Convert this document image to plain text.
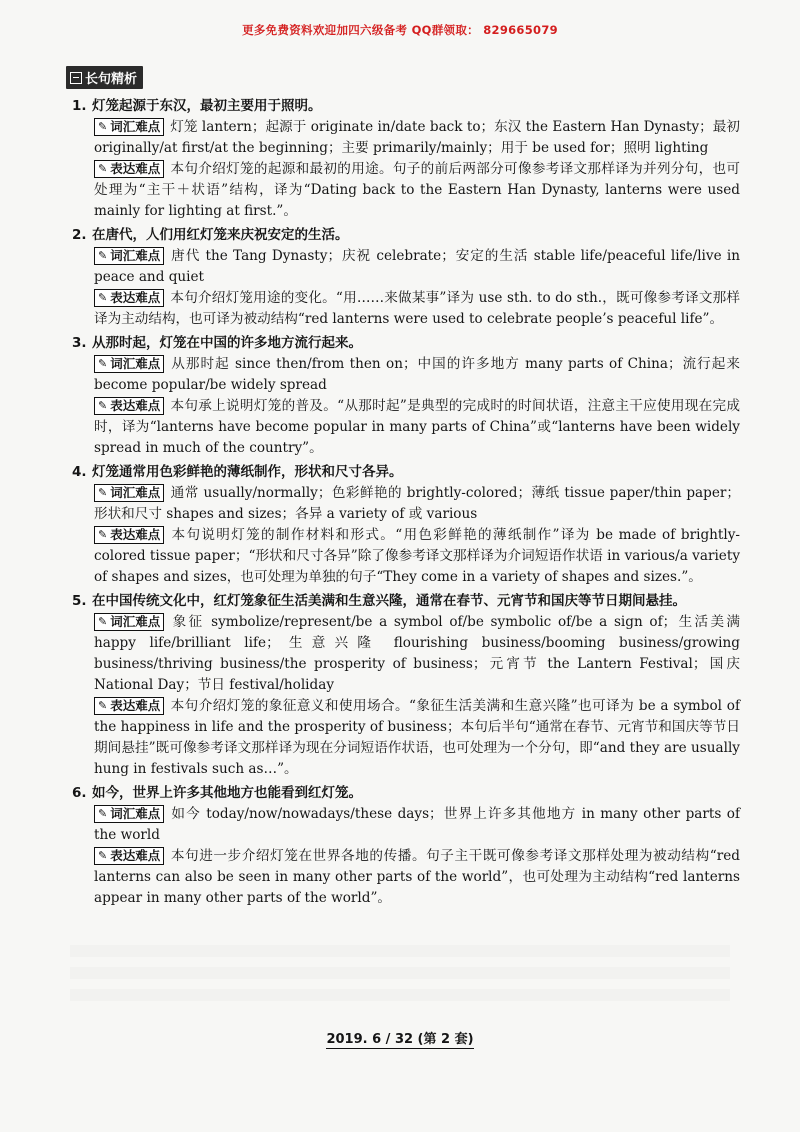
更多免费资料欢迎加四六级备考 QQ群领取： 829665079
长句精析
1. 灯笼起源于东汉，最初主要用于照明。
✎ 词汇难点 灯笼 lantern；起源于 originate in/date back to；东汉 the Eastern Han Dynasty；最初 originally/at first/at the beginning；主要 primarily/mainly；用于 be used for；照明 lighting
✎ 表达难点 本句介绍灯笼的起源和最初的用途。句子的前后两部分可像参考译文那样译为并列分句，也可处理为“主干＋状语”结构，译为“Dating back to the Eastern Han Dynasty, lanterns were used mainly for lighting at first.”。
2. 在唐代，人们用红灯笼来庆祝安定的生活。
✎ 词汇难点 唐代 the Tang Dynasty；庆祝 celebrate；安定的生活 stable life/peaceful life/live in peace and quiet
✎ 表达难点 本句介绍灯笼用途的变化。“用……来做某事”译为 use sth. to do sth.，既可像参考译文那样译为主动结构，也可译为被动结构“red lanterns were used to celebrate people’s peaceful life”。
3. 从那时起，灯笼在中国的许多地方流行起来。
✎ 词汇难点 从那时起 since then/from then on；中国的许多地方 many parts of China；流行起来 become popular/be widely spread
✎ 表达难点 本句承上说明灯笼的普及。“从那时起”是典型的完成时的时间状语，注意主干应使用现在完成时，译为“lanterns have become popular in many parts of China”或“lanterns have been widely spread in much of the country”。
4. 灯笼通常用色彩鲜艳的薄纸制作，形状和尺寸各异。
✎ 词汇难点 通常 usually/normally；色彩鲜艳的 brightly-colored；薄纸 tissue paper/thin paper；形状和尺寸 shapes and sizes；各异 a variety of 或 various
✎ 表达难点 本句说明灯笼的制作材料和形式。“用色彩鲜艳的薄纸制作”译为 be made of brightly-colored tissue paper；“形状和尺寸各异”除了像参考译文那样译为介词短语作状语 in various/a variety of shapes and sizes，也可处理为单独的句子“They come in a variety of shapes and sizes.”。
5. 在中国传统文化中，红灯笼象征生活美满和生意兴隆，通常在春节、元宵节和国庆等节日期间悬挂。
✎ 词汇难点 象征 symbolize/represent/be a symbol of/be symbolic of/be a sign of；生活美满 happy life/brilliant life；生意兴隆 flourishing business/booming business/growing business/thriving business/the prosperity of business；元宵节 the Lantern Festival；国庆 National Day；节日 festival/holiday
✎ 表达难点 本句介绍灯笼的象征意义和使用场合。“象征生活美满和生意兴隆”也可译为 be a symbol of the happiness in life and the prosperity of business；本句后半句“通常在春节、元宵节和国庆等节日期间悬挂”既可像参考译文那样译为现在分词短语作状语，也可处理为一个分句，即“and they are usually hung in festivals such as…”。
6. 如今，世界上许多其他地方也能看到红灯笼。
✎ 词汇难点 如今 today/now/nowadays/these days；世界上许多其他地方 in many other parts of the world
✎ 表达难点 本句进一步介绍灯笼在世界各地的传播。句子主干既可像参考译文那样处理为被动结构“red lanterns can also be seen in many other parts of the world”，也可处理为主动结构“red lanterns appear in many other parts of the world”。
2019. 6 / 32 (第 2 套)
